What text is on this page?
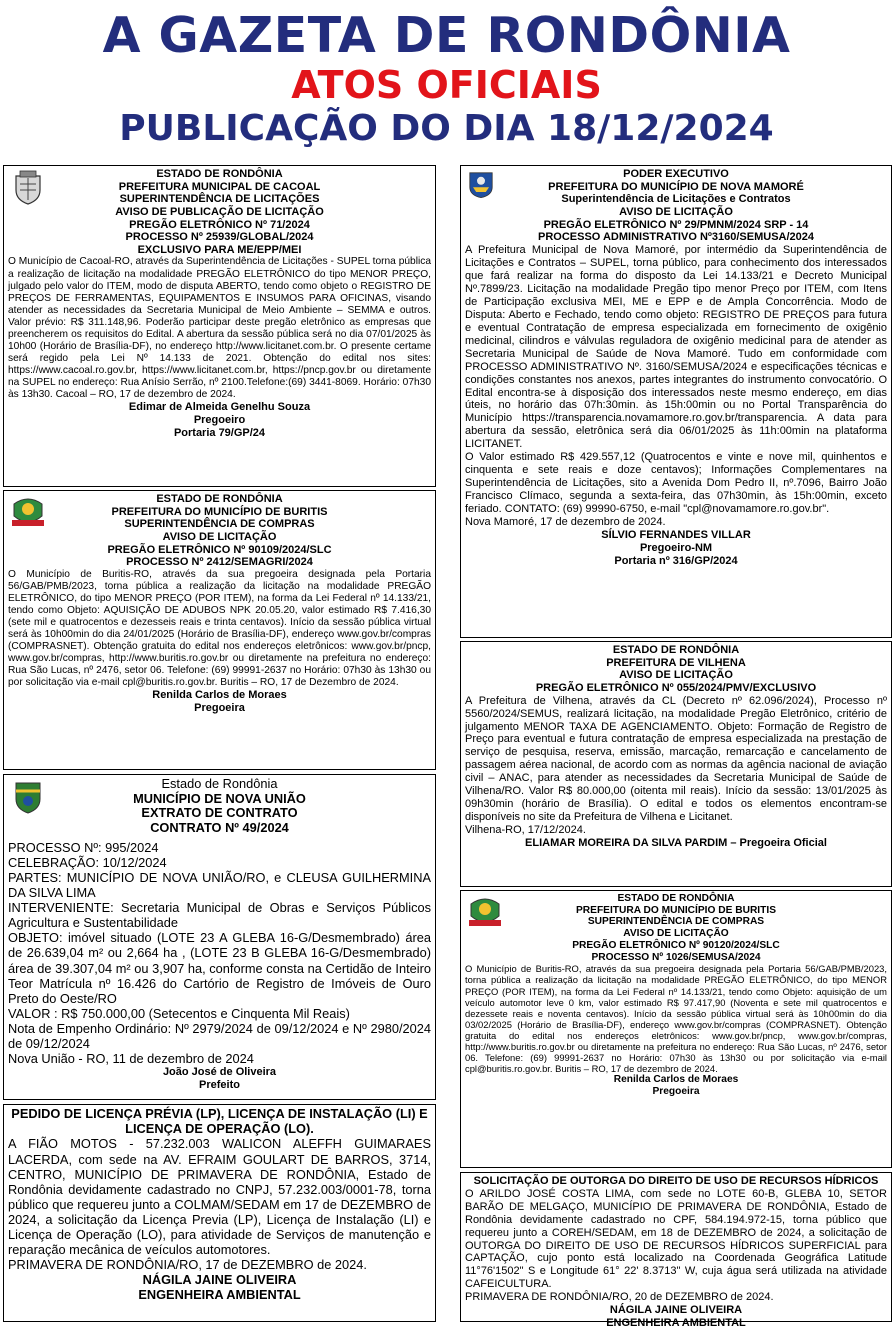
A GAZETA DE RONDÔNIA
ATOS OFICIAIS
PUBLICAÇÃO DO DIA 18/12/2024
ESTADO DE RONDÔNIA
PREFEITURA MUNICIPAL DE CACOAL
SUPERINTENDÊNCIA DE LICITAÇÕES
AVISO DE PUBLICAÇÃO DE LICITAÇÃO
PREGÃO ELETRÔNICO Nº 71/2024
PROCESSO Nº 25939/GLOBAL/2024
EXCLUSIVO PARA ME/EPP/MEI
O Município de Cacoal-RO, através da Superintendência de Licitações - SUPEL torna pública a realização de licitação na modalidade PREGÃO ELETRÔNICO do tipo MENOR PREÇO, julgado pelo valor do ITEM, modo de disputa ABERTO, tendo como objeto o REGISTRO DE PREÇOS DE FERRAMENTAS, EQUIPAMENTOS E INSUMOS PARA OFICINAS, visando atender as necessidades da Secretaria Municipal de Meio Ambiente – SEMMA e outros. Valor prévio: R$ 311.148,96. Poderão participar deste pregão eletrônico as empresas que preencherem os requisitos do Edital. A abertura da sessão pública será no dia 07/01/2025 às 10h00 (Horário de Brasília-DF), no endereço http://www.licitanet.com.br. O presente certame será regido pela Lei Nº 14.133 de 2021. Obtenção do edital nos sites: https://www.cacoal.ro.gov.br, https://www.licitanet.com.br, https://pncp.gov.br ou diretamente na SUPEL no endereço: Rua Anísio Serrão, nº 2100.Telefone:(69) 3441-8069. Horário: 07h30 às 13h30. Cacoal – RO, 17 de dezembro de 2024.
Edimar de Almeida Genelhu Souza
Pregoeiro
Portaria 79/GP/24
ESTADO DE RONDÔNIA
PREFEITURA DO MUNICÍPIO DE BURITIS
SUPERINTENDÊNCIA DE COMPRAS
AVISO DE LICITAÇÃO
PREGÃO ELETRÔNICO Nº 90109/2024/SLC
PROCESSO Nº 2412/SEMAGRI/2024
O Município de Buritis-RO, através da sua pregoeira designada pela Portaria 56/GAB/PMB/2023, torna pública a realização da licitação na modalidade PREGÃO ELETRÔNICO, do tipo MENOR PREÇO (POR ITEM), na forma da Lei Federal nº 14.133/21, tendo como Objeto: AQUISIÇÃO DE ADUBOS NPK 20.05.20, valor estimado R$ 7.416,30 (sete mil e quatrocentos e dezesseis reais e trinta centavos). Início da sessão pública virtual será às 10h00min do dia 24/01/2025 (Horário de Brasília-DF), endereço www.gov.br/compras (COMPRASNET). Obtenção gratuita do edital nos endereços eletrônicos: www.gov.br/pncp, www.gov.br/compras, http://www.buritis.ro.gov.br ou diretamente na prefeitura no endereço: Rua São Lucas, nº 2476, setor 06. Telefone: (69) 99991-2637 no Horário: 07h30 às 13h30 ou por solicitação via e-mail cpl@buritis.ro.gov.br. Buritis – RO, 17 de Dezembro de 2024.
Renilda Carlos de Moraes
Pregoeira
Estado de Rondônia
MUNICÍPIO DE NOVA UNIÃO
EXTRATO DE CONTRATO
CONTRATO Nº 49/2024
PROCESSO Nº: 995/2024
CELEBRAÇÃO: 10/12/2024
PARTES: MUNICÍPIO DE NOVA UNIÃO/RO, e CLEUSA GUILHERMINA DA SILVA LIMA
INTERVENIENTE: Secretaria Municipal de Obras e Serviços Públicos Agricultura e Sustentabilidade
OBJETO: imóvel situado (LOTE 23 A GLEBA 16-G/Desmembrado) área de 26.639,04 m² ou 2,664 ha , (LOTE 23 B GLEBA 16-G/Desmembrado) área de 39.307,04 m² ou 3,907 ha, conforme consta na Certidão de Inteiro Teor Matrícula nº 16.426 do Cartório de Registro de Imóveis de Ouro Preto do Oeste/RO
VALOR : R$ 750.000,00 (Setecentos e Cinquenta Mil Reais)
Nota de Empenho Ordinário: Nº 2979/2024 de 09/12/2024 e Nº 2980/2024 de 09/12/2024
Nova União - RO, 11 de dezembro de 2024
João José de Oliveira
Prefeito
PEDIDO DE LICENÇA PRÉVIA (LP), LICENÇA DE INSTALAÇÃO (LI) E LICENÇA DE OPERAÇÃO (LO).
A FIÃO MOTOS - 57.232.003 WALICON ALEFFH GUIMARAES LACERDA, com sede na AV. EFRAIM GOULART DE BARROS, 3714, CENTRO, MUNICÍPIO DE PRIMAVERA DE RONDÔNIA, Estado de Rondônia devidamente cadastrado no CNPJ, 57.232.003/0001-78, torna público que requereu junto a COLMAM/SEDAM em 17 de DEZEMBRO de 2024, a solicitação da Licença Previa (LP), Licença de Instalação (LI) e Licença de Operação (LO), para atividade de Serviços de manutenção e reparação mecânica de veículos automotores.
PRIMAVERA DE RONDÔNIA/RO, 17 de DEZEMBRO de 2024.
NÁGILA JAINE OLIVEIRA
ENGENHEIRA AMBIENTAL
PODER EXECUTIVO
PREFEITURA DO MUNICÍPIO DE NOVA MAMORÉ
Superintendência de Licitações e Contratos
AVISO DE LICITAÇÃO
PREGÃO ELETRÔNICO Nº 29/PMNM/2024 SRP - 14
PROCESSO ADMINISTRATIVO Nº3160/SEMUSA/2024
A Prefeitura Municipal de Nova Mamoré, por intermédio da Superintendência de Licitações e Contratos – SUPEL, torna público, para conhecimento dos interessados que fará realizar na forma do disposto da Lei 14.133/21 e Decreto Municipal Nº.7899/23. Licitação na modalidade Pregão tipo menor Preço por ITEM, com Itens de Participação exclusiva MEI, ME e EPP e de Ampla Concorrência. Modo de Disputa: Aberto e Fechado, tendo como objeto: REGISTRO DE PREÇOS para futura e eventual Contratação de empresa especializada em fornecimento de oxigênio medicinal, cilindros e válvulas reguladora de oxigênio medicinal para de atender as Secretaria Municipal de Saúde de Nova Mamoré. Tudo em conformidade com PROCESSO ADMINISTRATIVO Nº. 3160/SEMUSA/2024 e especificações técnicas e condições constantes nos anexos, partes integrantes do instrumento convocatório. O Edital encontra-se à disposição dos interessados neste mesmo endereço, em dias úteis, no horário das 07h:30min. às 15h:00min ou no Portal Transparência do Município https://transparencia.novamamore.ro.gov.br/transparencia. A data para abertura da sessão, eletrônica será dia 06/01/2025 às 11h:00min na plataforma LICITANET.
O Valor estimado R$ 429.557,12 (Quatrocentos e vinte e nove mil, quinhentos e cinquenta e sete reais e doze centavos); Informações Complementares na Superintendência de Licitações, sito a Avenida Dom Pedro II, nº.7096, Bairro João Francisco Clímaco, segunda a sexta-feira, das 07h30min, às 15h:00min, exceto feriado. CONTATO: (69) 99990-6750, e-mail "cpl@novamamore.ro.gov.br".
Nova Mamoré, 17 de dezembro de 2024.
SÍLVIO FERNANDES VILLAR
Pregoeiro-NM
Portaria nº 316/GP/2024
ESTADO DE RONDÔNIA
PREFEITURA DE VILHENA
AVISO DE LICITAÇÃO
PREGÃO ELETRÔNICO Nº 055/2024/PMV/EXCLUSIVO
A Prefeitura de Vilhena, através da CL (Decreto nº 62.096/2024), Processo nº 5560/2024/SEMUS, realizará licitação, na modalidade Pregão Eletrônico, critério de julgamento MENOR TAXA DE AGENCIAMENTO. Objeto: Formação de Registro de Preço para eventual e futura contratação de empresa especializada na prestação de serviço de pesquisa, reserva, emissão, marcação, remarcação e cancelamento de passagem aérea nacional, de acordo com as normas da agência nacional de aviação civil – ANAC, para atender as necessidades da Secretaria Municipal de Saúde de Vilhena/RO. Valor R$ 80.000,00 (oitenta mil reais). Início da sessão: 13/01/2025 às 09h30min (horário de Brasília). O edital e todos os elementos encontram-se disponíveis no site da Prefeitura de Vilhena e Licitanet.
Vilhena-RO, 17/12/2024.
ELIAMAR MOREIRA DA SILVA PARDIM – Pregoeira Oficial
ESTADO DE RONDÔNIA
PREFEITURA DO MUNICÍPIO DE BURITIS
SUPERINTENDÊNCIA DE COMPRAS
AVISO DE LICITAÇÃO
PREGÃO ELETRÔNICO Nº 90120/2024/SLC
PROCESSO Nº 1026/SEMUSA/2024
O Município de Buritis-RO, através da sua pregoeira designada pela Portaria 56/GAB/PMB/2023, torna pública a realização da licitação na modalidade PREGÃO ELETRÔNICO, do tipo MENOR PREÇO (POR ITEM), na forma da Lei Federal nº 14.133/21, tendo como Objeto: aquisição de um veículo automotor leve 0 km, valor estimado R$ 97.417,90 (Noventa e sete mil quatrocentos e dezessete reais e noventa centavos). Início da sessão pública virtual será às 10h00min do dia 03/02/2025 (Horário de Brasília-DF), endereço www.gov.br/compras (COMPRASNET). Obtenção gratuita do edital nos endereços eletrônicos: www.gov.br/pncp, www.gov.br/compras, http://www.buritis.ro.gov.br ou diretamente na prefeitura no endereço: Rua São Lucas, nº 2476, setor 06. Telefone: (69) 99991-2637 no Horário: 07h30 às 13h30 ou por solicitação via e-mail cpl@buritis.ro.gov.br. Buritis – RO, 17 de dezembro de 2024.
Renilda Carlos de Moraes
Pregoeira
SOLICITAÇÃO DE OUTORGA DO DIREITO DE USO DE RECURSOS HÍDRICOS
O ARILDO JOSÉ COSTA LIMA, com sede no LOTE 60-B, GLEBA 10, SETOR BARÃO DE MELGAÇO, MUNICÍPIO DE PRIMAVERA DE RONDÔNIA, Estado de Rondônia devidamente cadastrado no CPF, 584.194.972-15, torna público que requereu junto a COREH/SEDAM, em 18 de DEZEMBRO de 2024, a solicitação de OUTORGA DO DIREITO DE USO DE RECURSOS HÍDRICOS SUPERFICIAL para CAPTAÇÃO, cujo ponto está localizado na Coordenada Geográfica Latitude 11°76'1502" S e Longitude 61° 22' 8.3713" W, cuja água será utilizada na atividade CAFEICULTURA.
PRIMAVERA DE RONDÔNIA/RO, 20 de DEZEMBRO de 2024.
NÁGILA JAINE OLIVEIRA
ENGENHEIRA AMBIENTAL
